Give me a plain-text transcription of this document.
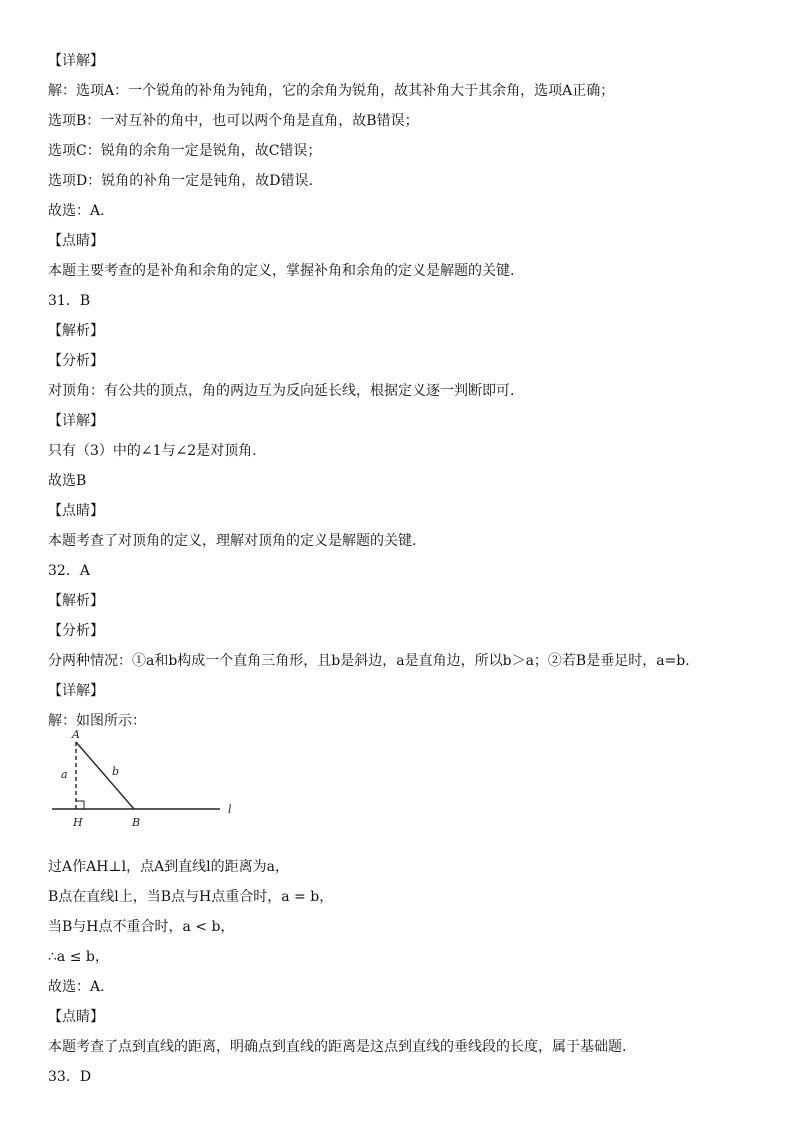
【详解】
解：选项A：一个锐角的补角为钝角，它的余角为锐角，故其补角大于其余角，选项A正确；
选项B：一对互补的角中，也可以两个角是直角，故B错误；
选项C：锐角的余角一定是锐角，故C错误；
选项D：锐角的补角一定是钝角，故D错误.
故选：A.
【点睛】
本题主要考查的是补角和余角的定义，掌握补角和余角的定义是解题的关键.
31．B
【解析】
【分析】
对顶角：有公共的顶点，角的两边互为反向延长线，根据定义逐一判断即可.
【详解】
只有（3）中的∠1与∠2是对顶角.
故选B
【点睛】
本题考查了对顶角的定义，理解对顶角的定义是解题的关键.
32．A
【解析】
【分析】
分两种情况：①a和b构成一个直角三角形，且b是斜边，a是直角边，所以b＞a；②若B是垂足时，a=b.
【详解】
解：如图所示：
过A作AH⊥l，点A到直线l的距离为a，
B点在直线l上，当B点与H点重合时，a = b，
当B与H点不重合时，a < b，
∴a ≤ b，
故选：A.
【点睛】
本题考查了点到直线的距离，明确点到直线的距离是这点到直线的垂线段的长度，属于基础题.
33．D
A
a	b
H	B
l
